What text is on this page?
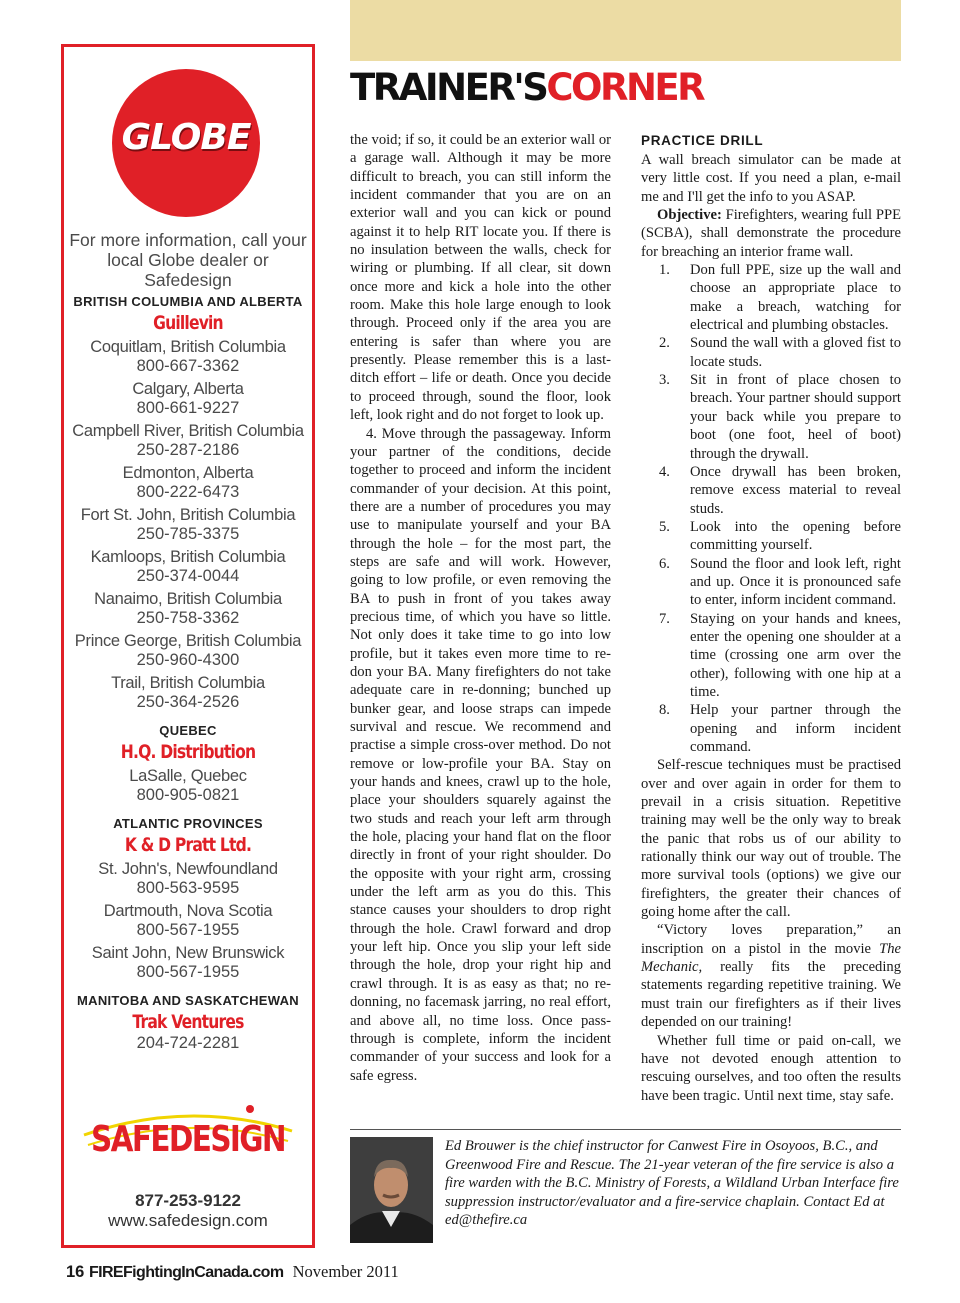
TRAINER'SCORNER
GLOBE
For more information, call your
local Globe dealer or Safedesign
BRITISH COLUMBIA AND ALBERTA
Guillevin
Coquitlam, British Columbia
800-667-3362
Calgary, Alberta
800-661-9227
Campbell River, British Columbia
250-287-2186
Edmonton, Alberta
800-222-6473
Fort St. John, British Columbia
250-785-3375
Kamloops, British Columbia
250-374-0044
Nanaimo, British Columbia
250-758-3362
Prince George, British Columbia
250-960-4300
Trail, British Columbia
250-364-2526
QUEBEC
H.Q. Distribution
LaSalle, Quebec
800-905-0821
ATLANTIC PROVINCES
K & D Pratt Ltd.
St. John's, Newfoundland
800-563-9595
Dartmouth, Nova Scotia
800-567-1955
Saint John, New Brunswick
800-567-1955
MANITOBA AND SASKATCHEWAN
Trak Ventures
204-724-2281
SAFEDESIGN
877-253-9122
www.safedesign.com

the void; if so, it could be an exterior wall or a garage wall. Although it may be more difficult to breach, you can still inform the incident commander that you are on an exterior wall and you can kick or pound against it to help RIT locate you. If there is no insulation between the walls, check for wiring or plumbing. If all clear, sit down once more and kick a hole into the other room. Make this hole large enough to look through. Proceed only if the area you are entering is safer than where you are presently. Please remember this is a last-ditch effort – life or death. Once you decide to proceed through, sound the floor, look left, look right and do not forget to look up.

4. Move through the passageway. Inform your partner of the conditions, decide together to proceed and inform the incident commander of your decision. At this point, there are a number of procedures you may use to manipulate yourself and your BA through the hole – for the most part, the steps are safe and will work. However, going to low profile, or even removing the BA to push in front of you takes away precious time, of which you have so little. Not only does it take time to go into low profile, but it takes even more time to re-don your BA. Many firefighters do not take adequate care in re-donning; bunched up bunker gear, and loose straps can impede survival and rescue. We recommend and practise a simple cross-over method. Do not remove or low-profile your BA. Stay on your hands and knees, crawl up to the hole, place your shoulders squarely against the two studs and reach your left arm through the hole, placing your hand flat on the floor directly in front of your right shoulder. Do the opposite with your right arm, crossing under the left arm as you do this. This stance causes your shoulders to drop right through the hole. Crawl forward and drop your left hip. Once you slip your left side through the hole, drop your right hip and crawl through. It is as easy as that; no re-donning, no facemask jarring, no real effort, and above all, no time loss. Once pass-through is complete, inform the incident commander of your success and look for a safe egress.

PRACTICE DRILL

A wall breach simulator can be made at very little cost. If you need a plan, e-mail me and I'll get the info to you ASAP.

Objective: Firefighters, wearing full PPE (SCBA), shall demonstrate the procedure for breaching an interior frame wall.

1. Don full PPE, size up the wall and choose an appropriate place to make a breach, watching for electrical and plumbing obstacles.
2. Sound the wall with a gloved fist to locate studs.
3. Sit in front of place chosen to breach. Your partner should support your back while you prepare to boot (one foot, heel of boot) through the drywall.
4. Once drywall has been broken, remove excess material to reveal studs.
5. Look into the opening before committing yourself.
6. Sound the floor and look left, right and up. Once it is pronounced safe to enter, inform incident command.
7. Staying on your hands and knees, enter the opening one shoulder at a time (crossing one arm over the other), following with one hip at a time.
8. Help your partner through the opening and inform incident command.

Self-rescue techniques must be practised over and over again in order for them to prevail in a crisis situation. Repetitive training may well be the only way to break the panic that robs us of our ability to rationally think our way out of trouble. The more survival tools (options) we give our firefighters, the greater their chances of going home after the call.

“Victory loves preparation,” an inscription on a pistol in the movie The Mechanic, really fits the preceding statements regarding repetitive training. We must train our firefighters as if their lives depended on our training!

Whether full time or paid on-call, we have not devoted enough attention to rescuing ourselves, and too often the results have been tragic. Until next time, stay safe.

Ed Brouwer is the chief instructor for Canwest Fire in Osoyoos, B.C., and Greenwood Fire and Rescue. The 21-year veteran of the fire service is also a fire warden with the B.C. Ministry of Forests, a Wildland Urban Interface fire suppression instructor/evaluator and a fire-service chaplain. Contact Ed at ed@thefire.ca
16 FIREFightingInCanada.com November 2011
